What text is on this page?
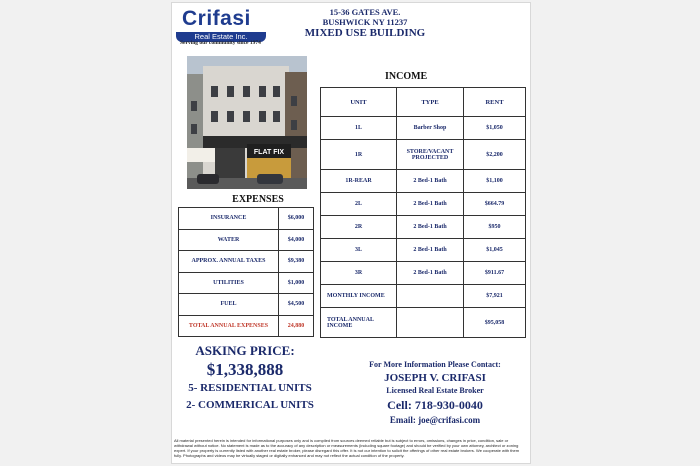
Crifasi
Real Estate Inc.
Serving our community since 1974
15-36 GATES AVE.
BUSHWICK NY 11237
MIXED USE BUILDING
FLAT FIX
INCOME
UNIT	TYPE	RENT
1L	Barber Shop	$1,050
1R	STORE/VACANT PROJECTED	$2,200
1R-REAR	2 Bed-1 Bath	$1,100
2L	2 Bed-1 Bath	$664.79
2R	2 Bed-1 Bath	$950
3L	2 Bed-1 Bath	$1,045
3R	2 Bed-1 Bath	$911.67
MONTHLY INCOME		$7,921
TOTAL ANNUAL INCOME		$95,058
EXPENSES
INSURANCE	$6,000
WATER	$4,000
APPROX. ANNUAL TAXES	$9,380
UTILITIES	$1,000
FUEL	$4,500
TOTAL ANNUAL EXPENSES	24,880
ASKING PRICE:
$1,338,888
5- RESIDENTIAL UNITS
2- COMMERICAL UNITS
For More Information Please Contact:
JOSEPH V. CRIFASI
Licensed Real Estate Broker
Cell: 718-930-0040
Email: joe@crifasi.com
All material presented herein is intended for informational purposes only and is compiled from sources deemed reliable but is subject to errors, omissions, changes in price, condition, sale or withdrawal without notice. No statement is made as to the accuracy of any description or measurements (including square footage) and should be verified by your own attorney, architect or zoning expert. If your property is currently listed with another real estate broker, please disregard this offer. It is not our intention to solicit the offerings of other real estate brokers. We cooperate with them fully. Photographs and videos may be virtually staged or digitally enhanced and may not reflect the actual condition of the property.
